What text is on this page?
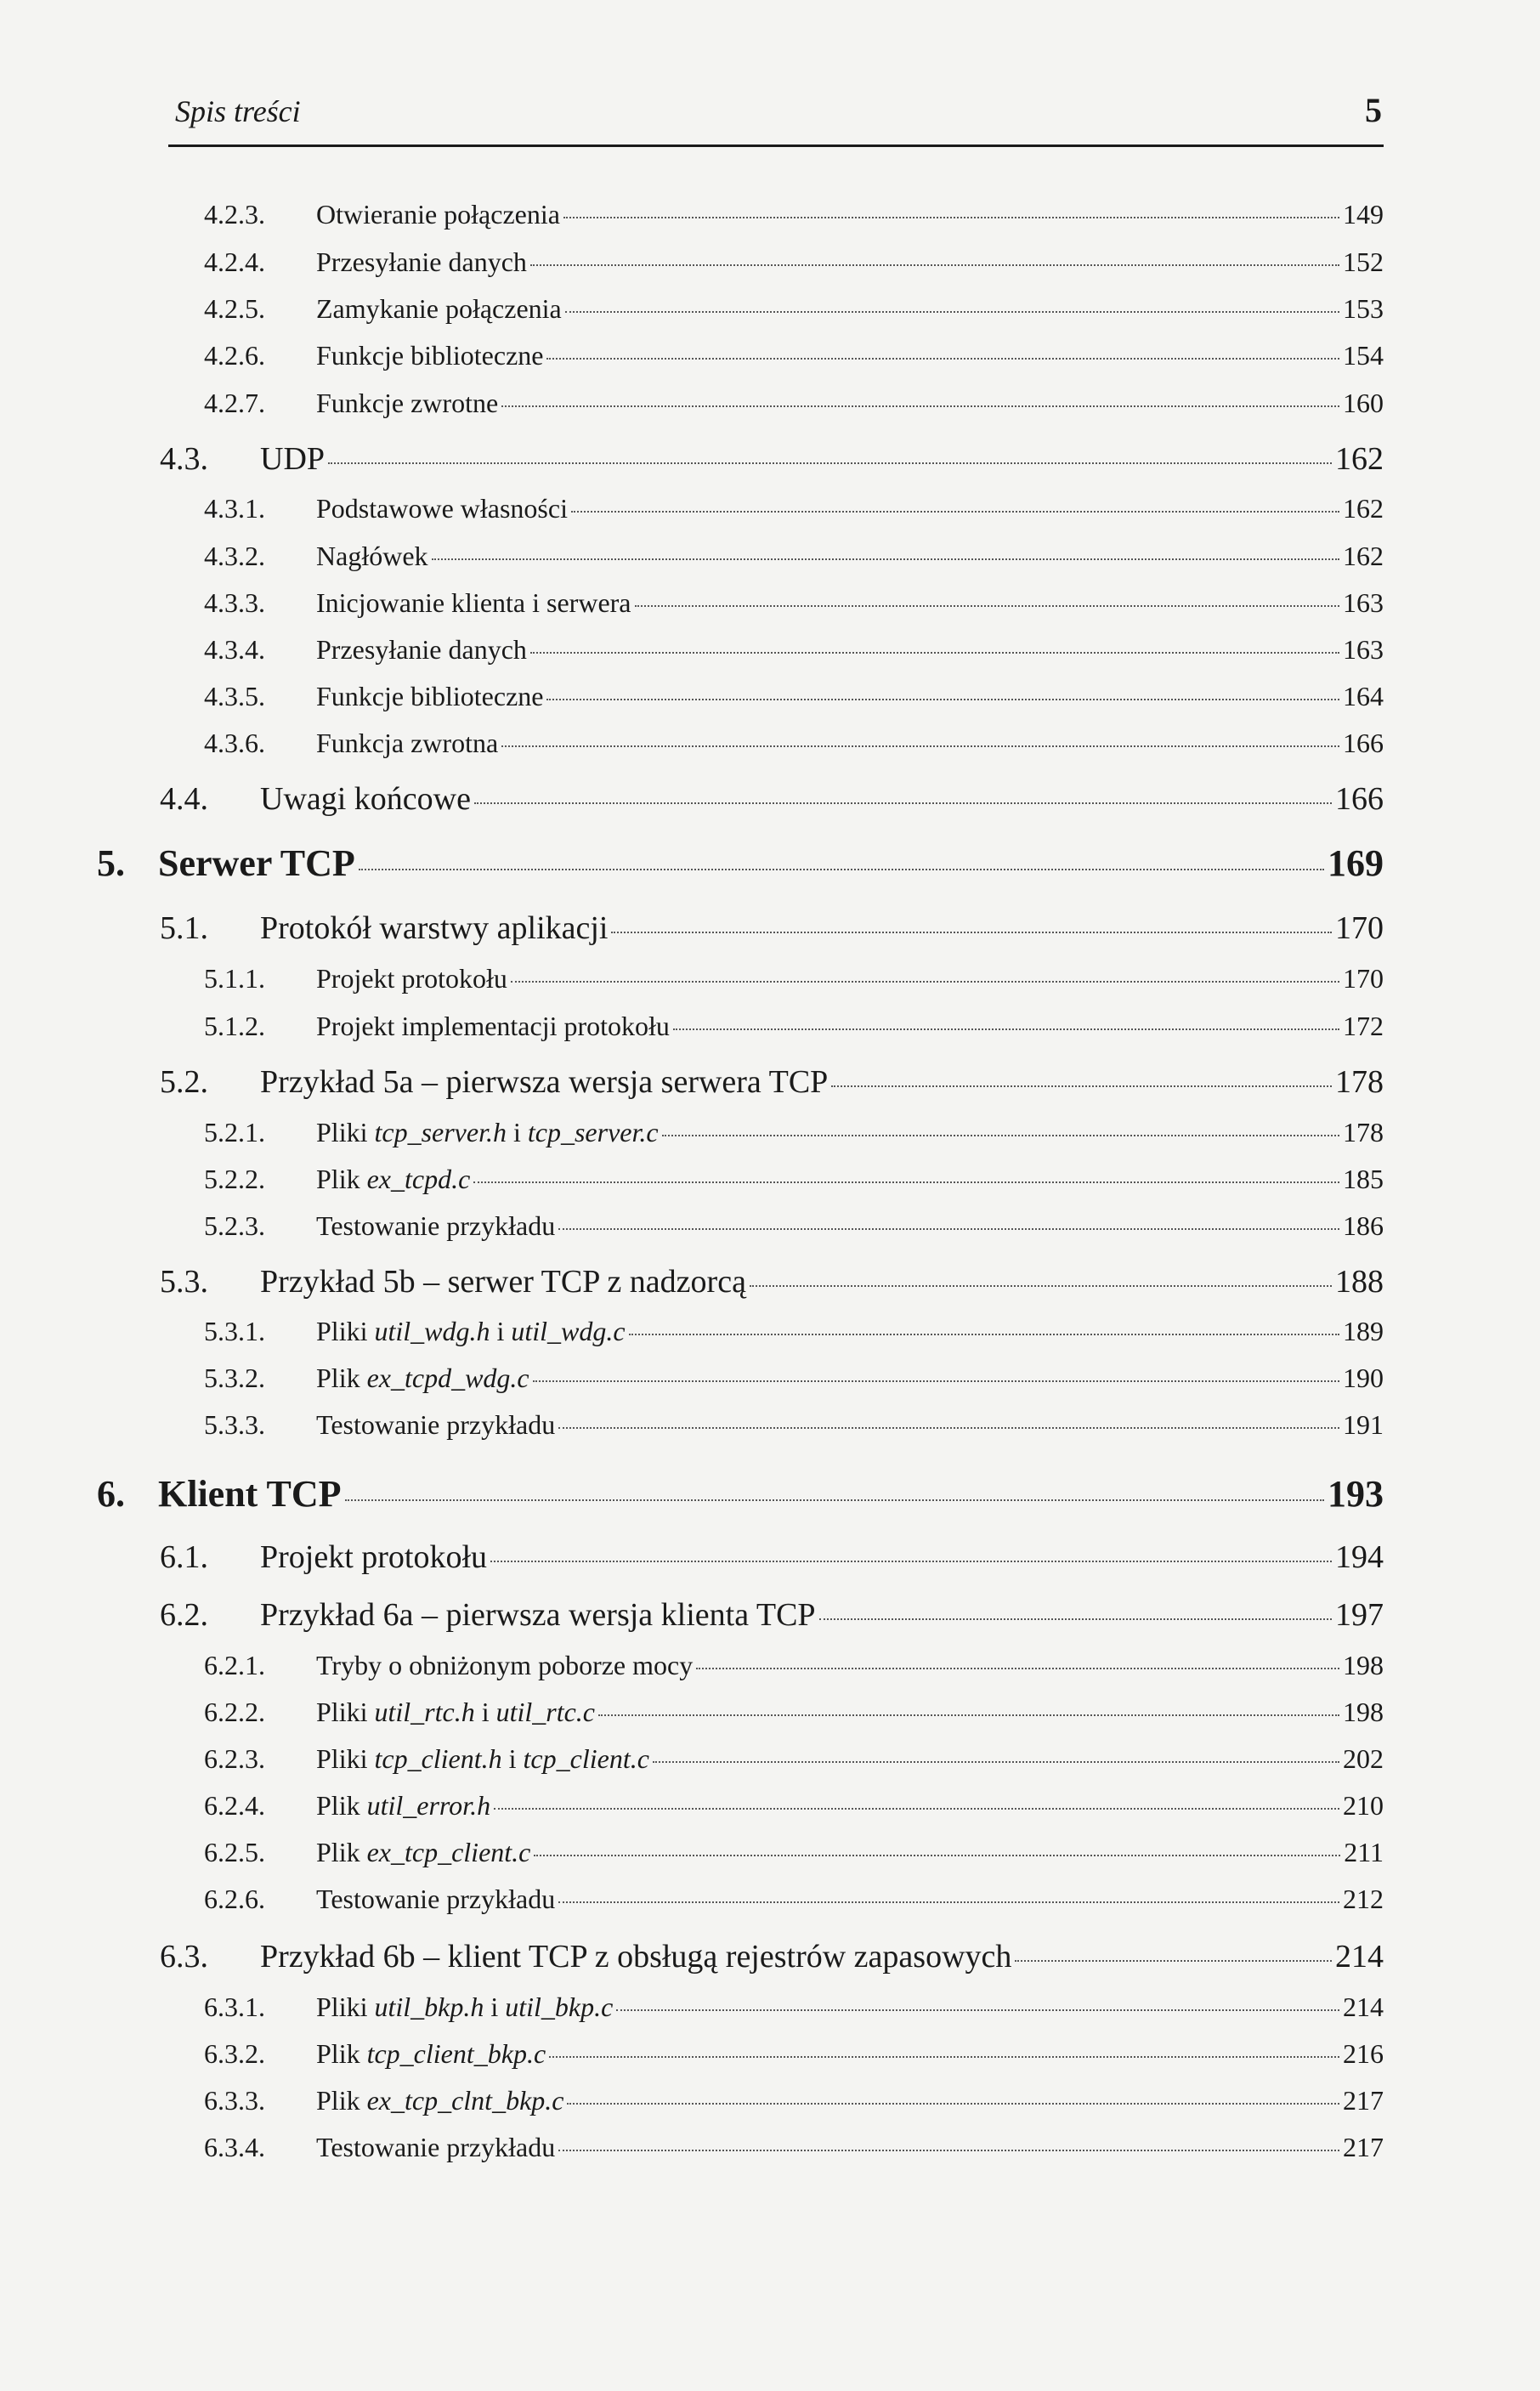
Spis treści	5
4.2.3.	Otwieranie połączenia	149
4.2.4.	Przesyłanie danych	152
4.2.5.	Zamykanie połączenia	153
4.2.6.	Funkcje biblioteczne	154
4.2.7.	Funkcje zwrotne	160
4.3.	UDP	162
4.3.1.	Podstawowe własności	162
4.3.2.	Nagłówek	162
4.3.3.	Inicjowanie klienta i serwera	163
4.3.4.	Przesyłanie danych	163
4.3.5.	Funkcje biblioteczne	164
4.3.6.	Funkcja zwrotna	166
4.4.	Uwagi końcowe	166
5. Serwer TCP	169
5.1.	Protokół warstwy aplikacji	170
5.1.1.	Projekt protokołu	170
5.1.2.	Projekt implementacji protokołu	172
5.2.	Przykład 5a – pierwsza wersja serwera TCP	178
5.2.1.	Pliki tcp_server.h i tcp_server.c	178
5.2.2.	Plik ex_tcpd.c	185
5.2.3.	Testowanie przykładu	186
5.3.	Przykład 5b – serwer TCP z nadzorcą	188
5.3.1.	Pliki util_wdg.h i util_wdg.c	189
5.3.2.	Plik ex_tcpd_wdg.c	190
5.3.3.	Testowanie przykładu	191
6. Klient TCP	193
6.1.	Projekt protokołu	194
6.2.	Przykład 6a – pierwsza wersja klienta TCP	197
6.2.1.	Tryby o obniżonym poborze mocy	198
6.2.2.	Pliki util_rtc.h i util_rtc.c	198
6.2.3.	Pliki tcp_client.h i tcp_client.c	202
6.2.4.	Plik util_error.h	210
6.2.5.	Plik ex_tcp_client.c	211
6.2.6.	Testowanie przykładu	212
6.3.	Przykład 6b – klient TCP z obsługą rejestrów zapasowych	214
6.3.1.	Pliki util_bkp.h i util_bkp.c	214
6.3.2.	Plik tcp_client_bkp.c	216
6.3.3.	Plik ex_tcp_clnt_bkp.c	217
6.3.4.	Testowanie przykładu	217
